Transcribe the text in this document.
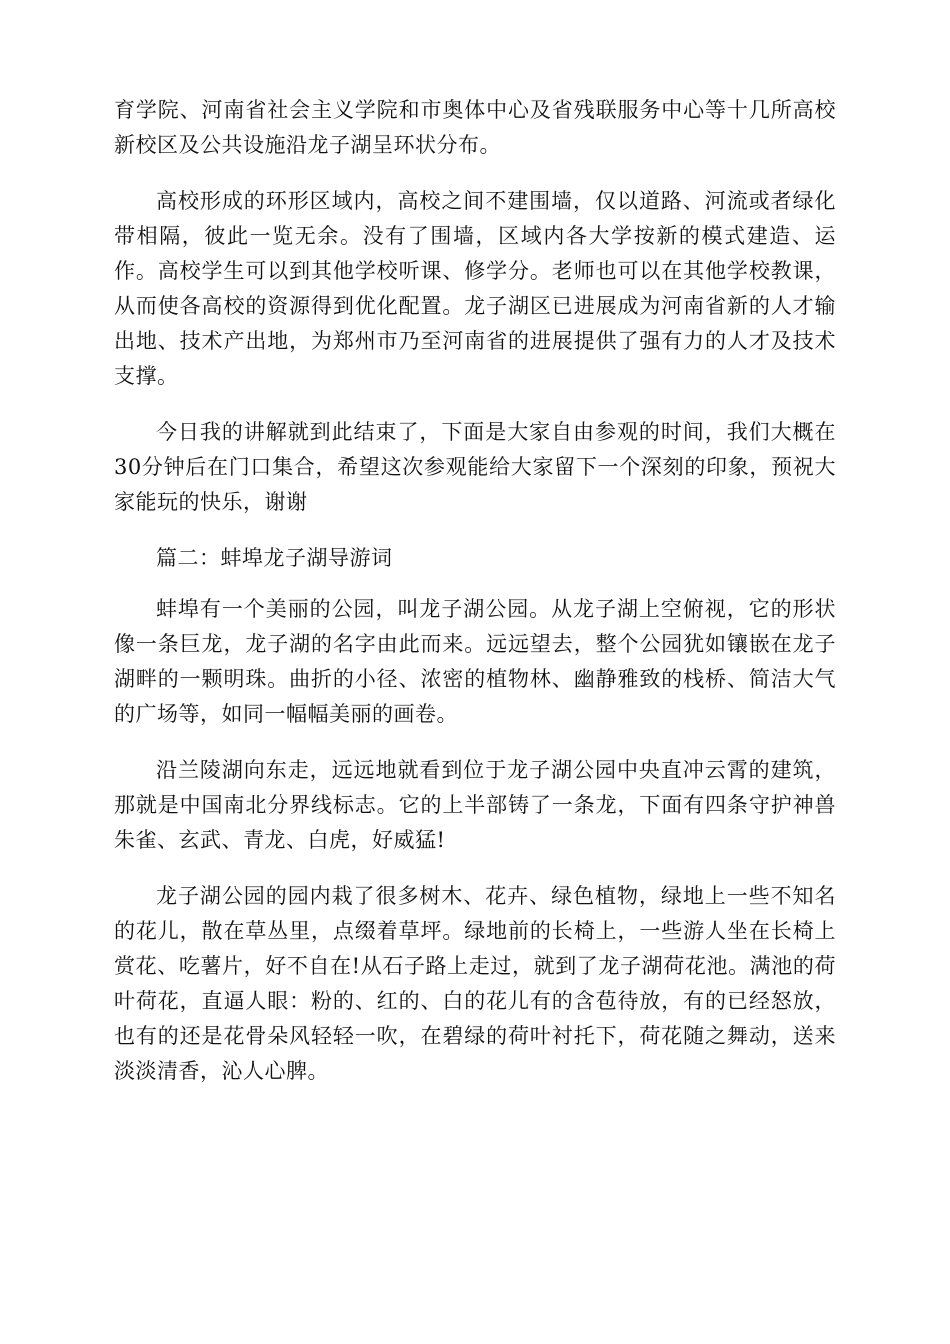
育学院、河南省社会主义学院和市奥体中心及省残联服务中心等十几所高校新校区及公共设施沿龙子湖呈环状分布。

高校形成的环形区域内，高校之间不建围墙，仅以道路、河流或者绿化带相隔，彼此一览无余。没有了围墙，区域内各大学按新的模式建造、运作。高校学生可以到其他学校听课、修学分。老师也可以在其他学校教课，从而使各高校的资源得到优化配置。龙子湖区已进展成为河南省新的人才输出地、技术产出地，为郑州市乃至河南省的进展提供了强有力的人才及技术支撑。

今日我的讲解就到此结束了，下面是大家自由参观的时间，我们大概在30分钟后在门口集合，希望这次参观能给大家留下一个深刻的印象，预祝大家能玩的快乐，谢谢

篇二：蚌埠龙子湖导游词

蚌埠有一个美丽的公园，叫龙子湖公园。从龙子湖上空俯视，它的形状像一条巨龙，龙子湖的名字由此而来。远远望去，整个公园犹如镶嵌在龙子湖畔的一颗明珠。曲折的小径、浓密的植物林、幽静雅致的栈桥、简洁大气的广场等，如同一幅幅美丽的画卷。

沿兰陵湖向东走，远远地就看到位于龙子湖公园中央直冲云霄的建筑，那就是中国南北分界线标志。它的上半部铸了一条龙，下面有四条守护神兽朱雀、玄武、青龙、白虎，好威猛!

龙子湖公园的园内栽了很多树木、花卉、绿色植物，绿地上一些不知名的花儿，散在草丛里，点缀着草坪。绿地前的长椅上，一些游人坐在长椅上赏花、吃薯片，好不自在!从石子路上走过，就到了龙子湖荷花池。满池的荷叶荷花，直逼人眼：粉的、红的、白的花儿有的含苞待放，有的已经怒放，也有的还是花骨朵风轻轻一吹，在碧绿的荷叶衬托下，荷花随之舞动，送来淡淡清香，沁人心脾。
